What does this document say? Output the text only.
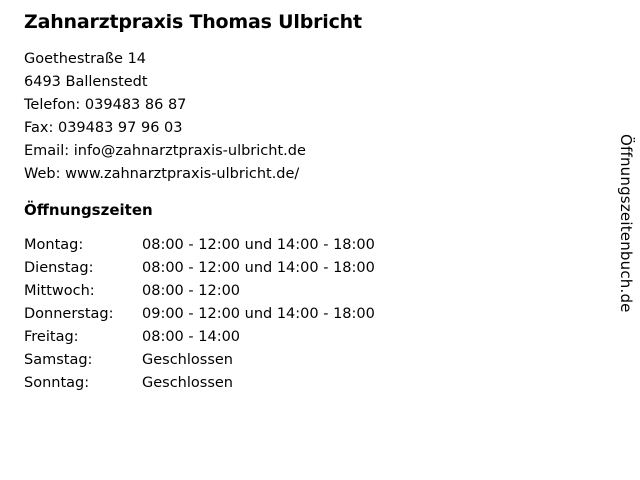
Zahnarztpraxis Thomas Ulbricht
Goethestraße 14
6493 Ballenstedt
Telefon: 039483 86 87
Fax: 039483 97 96 03
Email: info@zahnarztpraxis-ulbricht.de
Web: www.zahnarztpraxis-ulbricht.de/
Öffnungszeiten
Montag:	08:00 - 12:00 und 14:00 - 18:00
Dienstag:	08:00 - 12:00 und 14:00 - 18:00
Mittwoch:	08:00 - 12:00
Donnerstag:	09:00 - 12:00 und 14:00 - 18:00
Freitag:	08:00 - 14:00
Samstag:	Geschlossen
Sonntag:	Geschlossen
Öffnungszeitenbuch.de
